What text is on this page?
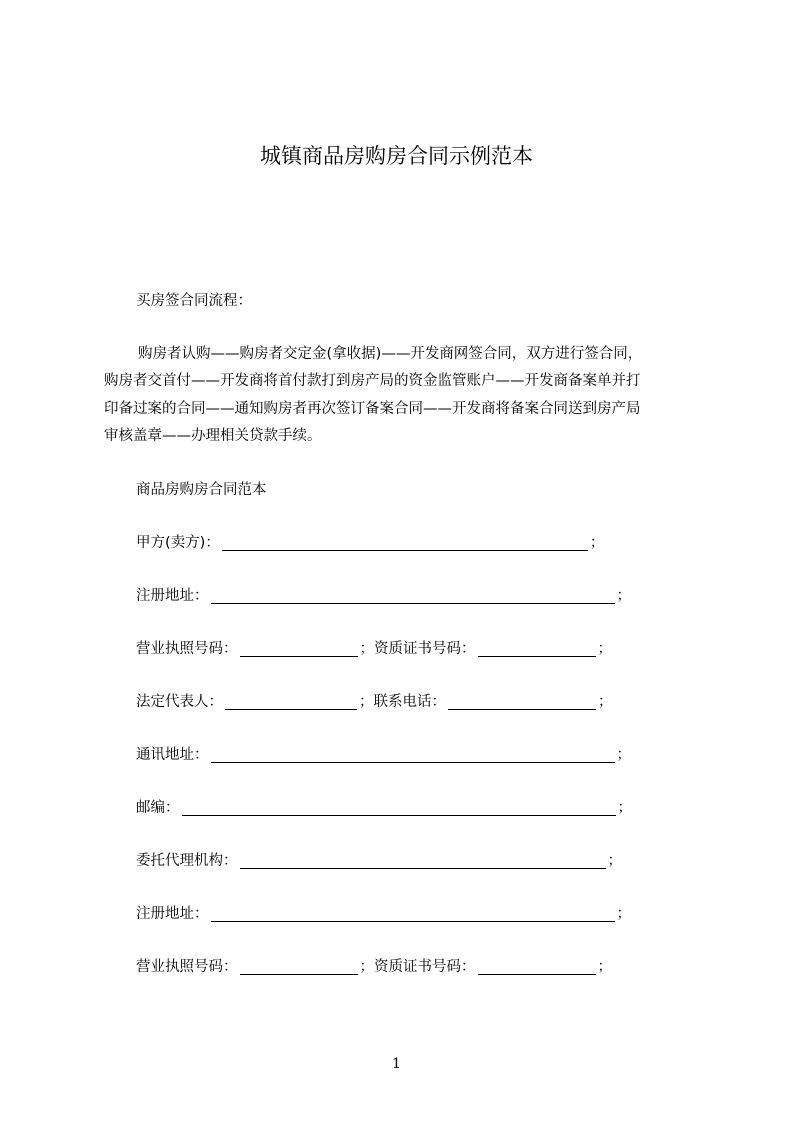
城镇商品房购房合同示例范本
买房签合同流程：
购房者认购——购房者交定金(拿收据)——开发商网签合同，双方进行签合同，
购房者交首付——开发商将首付款打到房产局的资金监管账户——开发商备案单并打
印备过案的合同——通知购房者再次签订备案合同——开发商将备案合同送到房产局
审核盖章——办理相关贷款手续。
商品房购房合同范本
甲方(卖方)：	；
注册地址：	；
营业执照号码：	；资质证书号码：	；
法定代表人：	；联系电话：	；
通讯地址：	；
邮编：	；
委托代理机构：	；
注册地址：	；
营业执照号码：	；资质证书号码：	；
1
